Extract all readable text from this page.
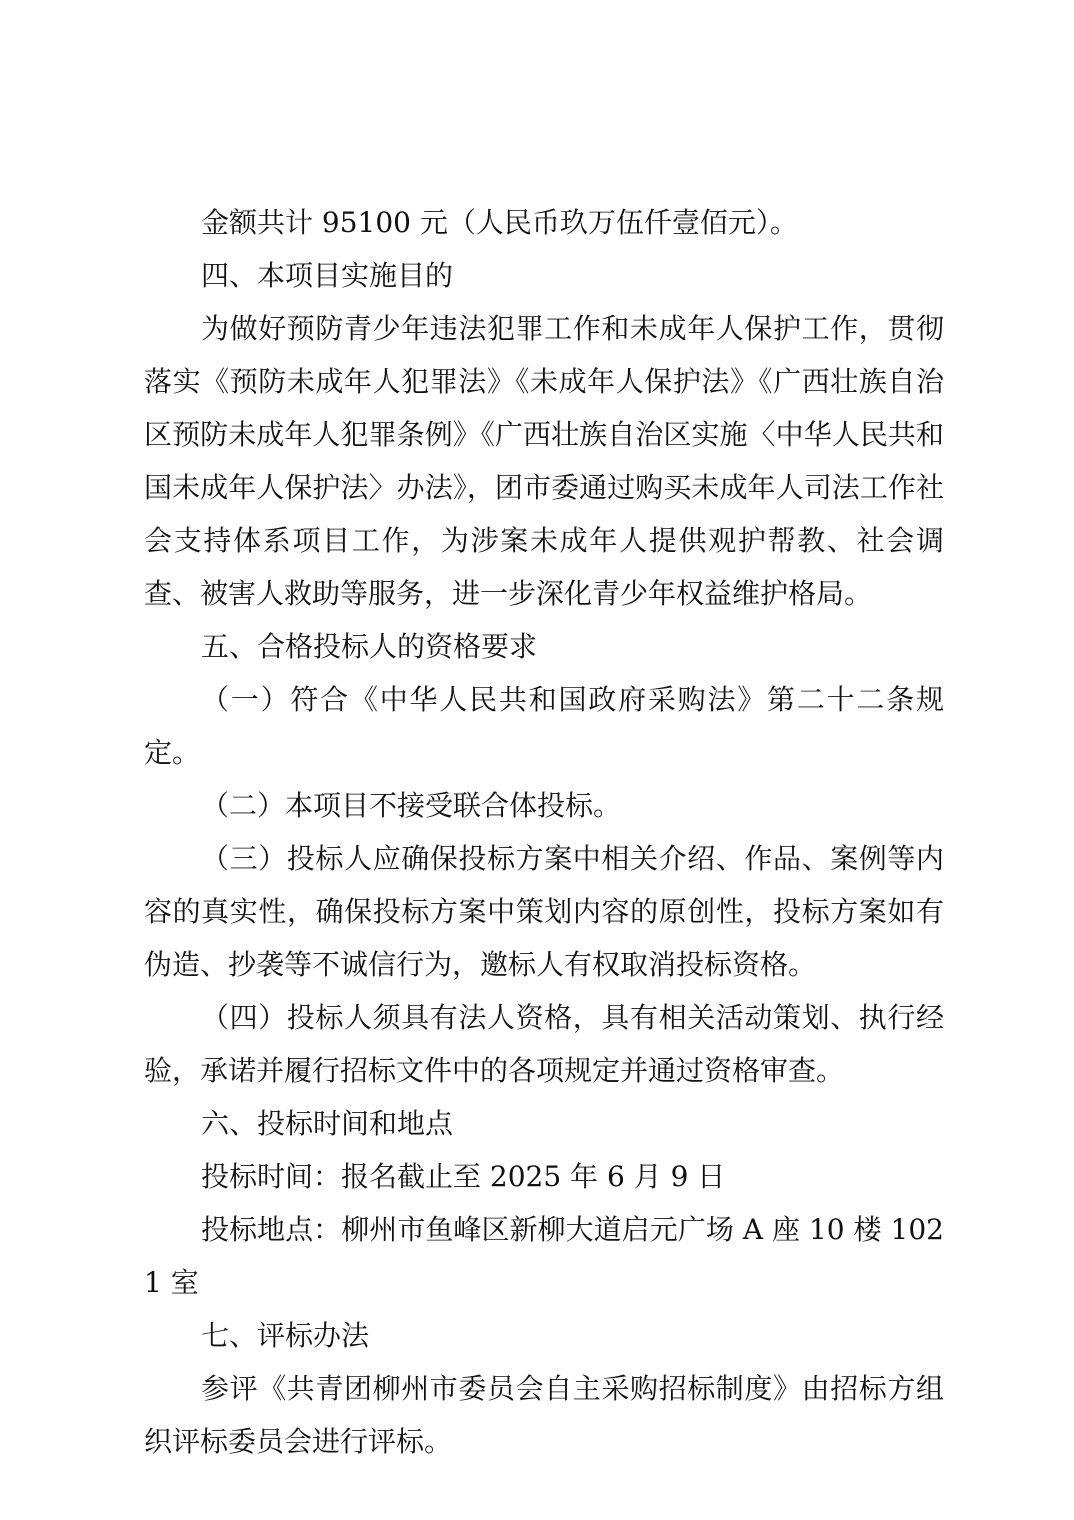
金额共计 95100 元（人民币玖万伍仟壹佰元）。

四、本项目实施目的

为做好预防青少年违法犯罪工作和未成年人保护工作，贯彻落实《预防未成年人犯罪法》《未成年人保护法》《广西壮族自治区预防未成年人犯罪条例》《广西壮族自治区实施〈中华人民共和国未成年人保护法〉办法》，团市委通过购买未成年人司法工作社会支持体系项目工作，为涉案未成年人提供观护帮教、社会调查、被害人救助等服务，进一步深化青少年权益维护格局。

五、合格投标人的资格要求

（一）符合《中华人民共和国政府采购法》第二十二条规定。

（二）本项目不接受联合体投标。

（三）投标人应确保投标方案中相关介绍、作品、案例等内容的真实性，确保投标方案中策划内容的原创性，投标方案如有伪造、抄袭等不诚信行为，邀标人有权取消投标资格。

（四）投标人须具有法人资格，具有相关活动策划、执行经验，承诺并履行招标文件中的各项规定并通过资格审查。

六、投标时间和地点

投标时间：报名截止至 2025 年 6 月 9 日

投标地点：柳州市鱼峰区新柳大道启元广场 A 座 10 楼 1021 室

七、评标办法

参评《共青团柳州市委员会自主采购招标制度》由招标方组织评标委员会进行评标。
